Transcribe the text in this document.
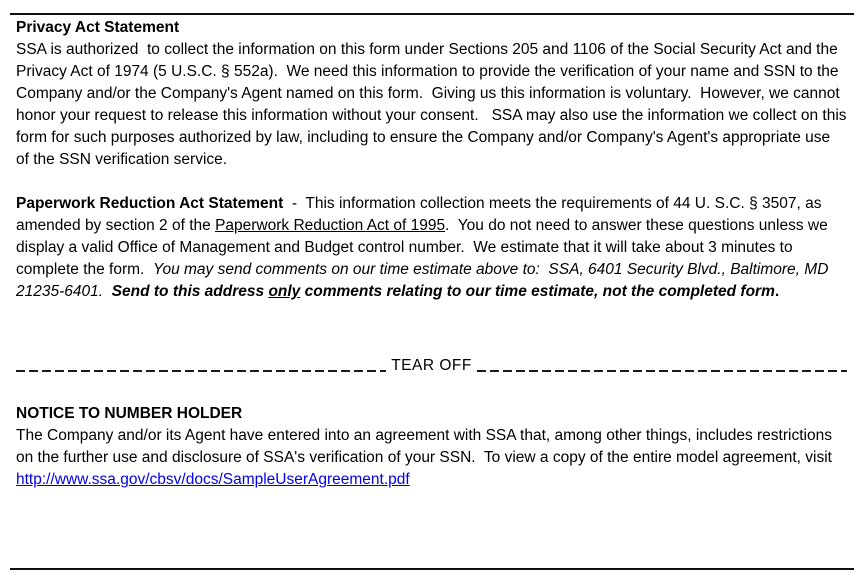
Privacy Act Statement
SSA is authorized  to collect the information on this form under Sections 205 and 1106 of the Social Security Act and the Privacy Act of 1974 (5 U.S.C. § 552a).  We need this information to provide the verification of your name and SSN to the Company and/or the Company's Agent named on this form.  Giving us this information is voluntary.  However, we cannot honor your request to release this information without your consent.   SSA may also use the information we collect on this form for such purposes authorized by law, including to ensure the Company and/or Company's Agent's appropriate use of the SSN verification service.

Paperwork Reduction Act Statement  -  This information collection meets the requirements of 44 U. S.C. § 3507, as amended by section 2 of the Paperwork Reduction Act of 1995.  You do not need to answer these questions unless we display a valid Office of Management and Budget control number.  We estimate that it will take about 3 minutes to complete the form.  You may send comments on our time estimate above to:  SSA, 6401 Security Blvd., Baltimore, MD  21235-6401.  Send to this address only comments relating to our time estimate, not the completed form.

TEAR OFF
NOTICE TO NUMBER HOLDER

The Company and/or its Agent have entered into an agreement with SSA that, among other things, includes restrictions on the further use and disclosure of SSA's verification of your SSN.  To view a copy of the entire model agreement, visit http://www.ssa.gov/cbsv/docs/SampleUserAgreement.pdf
